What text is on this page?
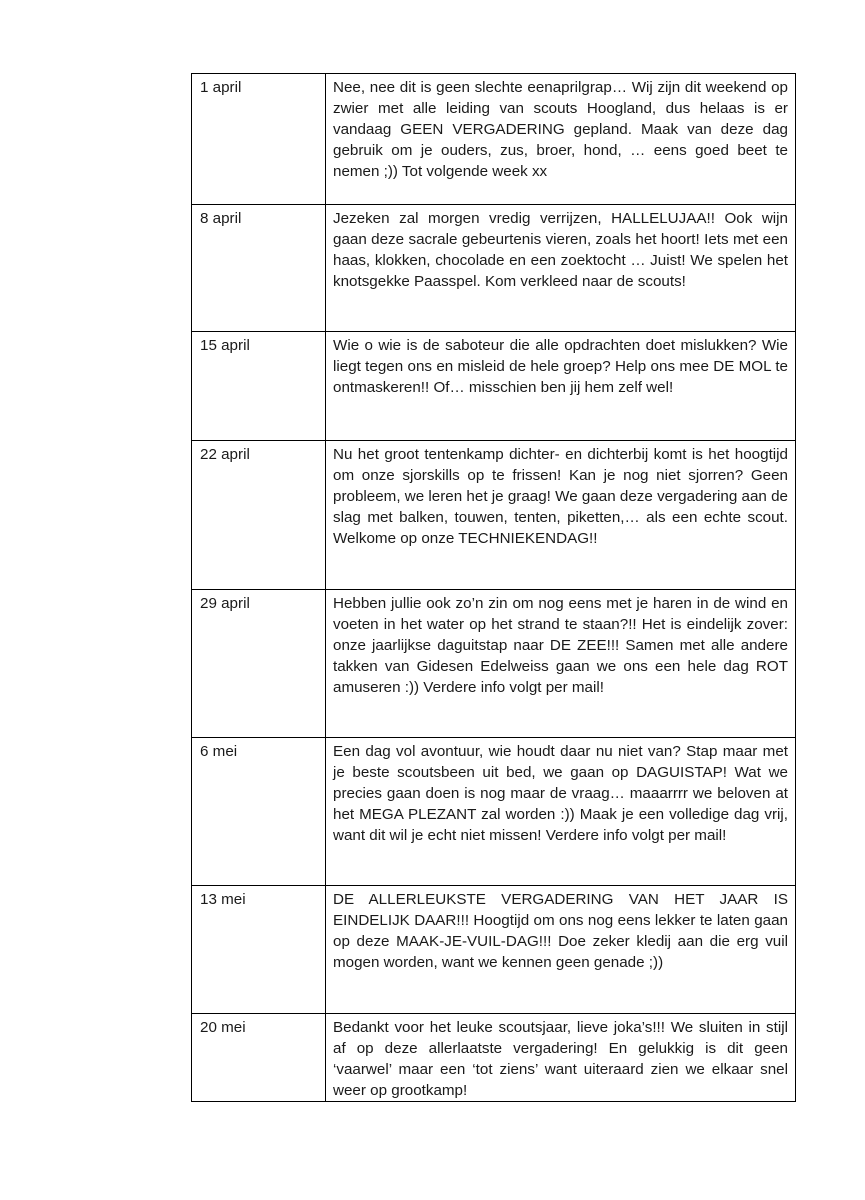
1 april	Nee, nee dit is geen slechte eenaprilgrap… Wij zijn dit weekend op zwier met alle leiding van scouts Hoogland, dus helaas is er vandaag GEEN VERGADERING gepland. Maak van deze dag gebruik om je ouders, zus, broer, hond, … eens goed beet te nemen ;)) Tot volgende week xx
8 april	Jezeken zal morgen vredig verrijzen, HALLELUJAA!! Ook wijn gaan deze sacrale gebeurtenis vieren, zoals het hoort! Iets met een haas, klokken, chocolade en een zoektocht … Juist! We spelen het knotsgekke Paasspel. Kom verkleed naar de scouts!
15 april	Wie o wie is de saboteur die alle opdrachten doet mislukken? Wie liegt tegen ons en misleid de hele groep? Help ons mee DE MOL te ontmaskeren!! Of… misschien ben jij hem zelf wel!
22 april	Nu het groot tentenkamp dichter- en dichterbij komt is het hoogtijd om onze sjorskills op te frissen! Kan je nog niet sjorren? Geen probleem, we leren het je graag! We gaan deze vergadering aan de slag met balken, touwen, tenten, piketten,… als een echte scout. Welkome op onze TECHNIEKENDAG!!
29 april	Hebben jullie ook zo’n zin om nog eens met je haren in de wind en voeten in het water op het strand te staan?!! Het is eindelijk zover: onze jaarlijkse daguitstap naar DE ZEE!!! Samen met alle andere takken van Gidesen Edelweiss gaan we ons een hele dag ROT amuseren :)) Verdere info volgt per mail!
6 mei	Een dag vol avontuur, wie houdt daar nu niet van? Stap maar met je beste scoutsbeen uit bed, we gaan op DAGUISTAP! Wat we precies gaan doen is nog maar de vraag… maaarrrr we beloven at het MEGA PLEZANT zal worden :)) Maak je een volledige dag vrij, want dit wil je echt niet missen! Verdere info volgt per mail!
13 mei	DE ALLERLEUKSTE VERGADERING VAN HET JAAR IS EINDELIJK DAAR!!! Hoogtijd om ons nog eens lekker te laten gaan op deze MAAK-JE-VUIL-DAG!!! Doe zeker kledij aan die erg vuil mogen worden, want we kennen geen genade ;))
20 mei	Bedankt voor het leuke scoutsjaar, lieve joka’s!!! We sluiten in stijl af op deze allerlaatste vergadering! En gelukkig is dit geen ‘vaarwel’ maar een ‘tot ziens’ want uiteraard zien we elkaar snel weer op grootkamp!
